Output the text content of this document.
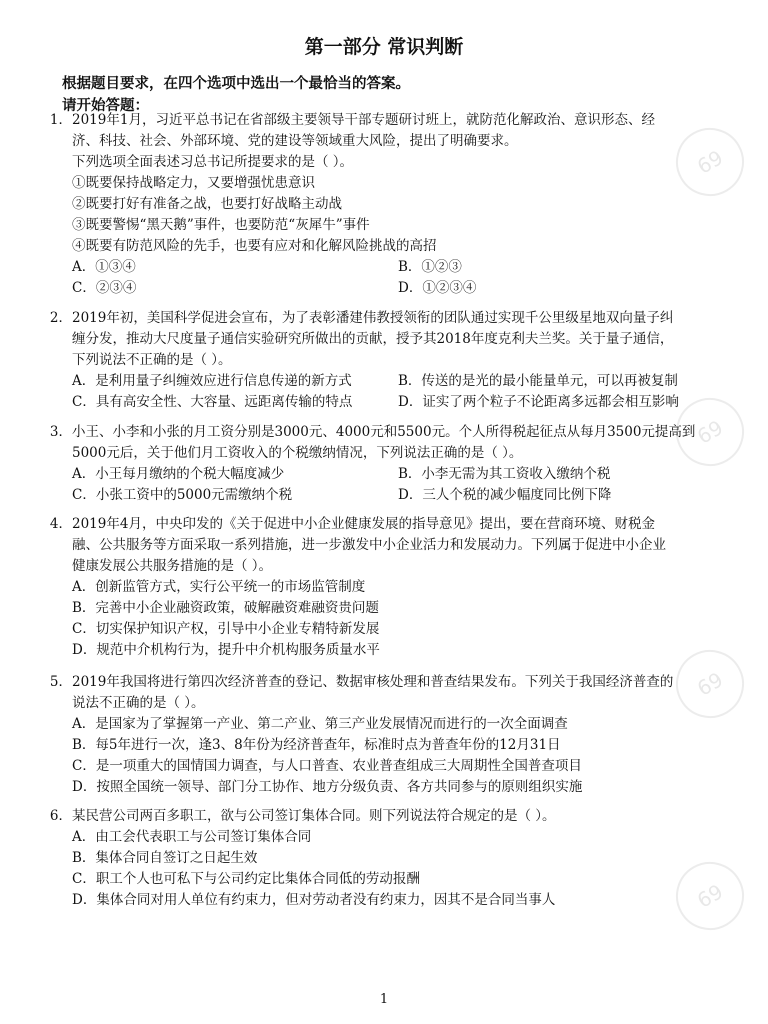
第一部分 常识判断
根据题目要求，在四个选项中选出一个最恰当的答案。
请开始答题：
69
69
69
69
1．2019年1月，习近平总书记在省部级主要领导干部专题研讨班上，就防范化解政治、意识形态、经
济、科技、社会、外部环境、党的建设等领域重大风险，提出了明确要求。
下列选项全面表述习总书记所提要求的是（ ）。
①既要保持战略定力，又要增强忧患意识
②既要打好有准备之战，也要打好战略主动战
③既要警惕“黑天鹅”事件，也要防范“灰犀牛”事件
④既要有防范风险的先手，也要有应对和化解风险挑战的高招
A．①③④	B．①②③
C．②③④	D．①②③④
2．2019年初，美国科学促进会宣布，为了表彰潘建伟教授领衔的团队通过实现千公里级星地双向量子纠
缠分发，推动大尺度量子通信实验研究所做出的贡献，授予其2018年度克利夫兰奖。关于量子通信，
下列说法不正确的是（ ）。
A．是利用量子纠缠效应进行信息传递的新方式	B．传送的是光的最小能量单元，可以再被复制
C．具有高安全性、大容量、远距离传输的特点	D．证实了两个粒子不论距离多远都会相互影响
3．小王、小李和小张的月工资分别是3000元、4000元和5500元。个人所得税起征点从每月3500元提高到
5000元后，关于他们月工资收入的个税缴纳情况，下列说法正确的是（ ）。
A．小王每月缴纳的个税大幅度减少	B．小李无需为其工资收入缴纳个税
C．小张工资中的5000元需缴纳个税	D．三人个税的减少幅度同比例下降
4．2019年4月，中央印发的《关于促进中小企业健康发展的指导意见》提出，要在营商环境、财税金
融、公共服务等方面采取一系列措施，进一步激发中小企业活力和发展动力。下列属于促进中小企业
健康发展公共服务措施的是（ ）。
A．创新监管方式，实行公平统一的市场监管制度
B．完善中小企业融资政策，破解融资难融资贵问题
C．切实保护知识产权，引导中小企业专精特新发展
D．规范中介机构行为，提升中介机构服务质量水平
5．2019年我国将进行第四次经济普查的登记、数据审核处理和普查结果发布。下列关于我国经济普查的
说法不正确的是（ ）。
A．是国家为了掌握第一产业、第二产业、第三产业发展情况而进行的一次全面调查
B．每5年进行一次，逢3、8年份为经济普查年，标准时点为普查年份的12月31日
C．是一项重大的国情国力调查，与人口普查、农业普查组成三大周期性全国普查项目
D．按照全国统一领导、部门分工协作、地方分级负责、各方共同参与的原则组织实施
6．某民营公司两百多职工，欲与公司签订集体合同。则下列说法符合规定的是（ ）。
A．由工会代表职工与公司签订集体合同
B．集体合同自签订之日起生效
C．职工个人也可私下与公司约定比集体合同低的劳动报酬
D．集体合同对用人单位有约束力，但对劳动者没有约束力，因其不是合同当事人
1
